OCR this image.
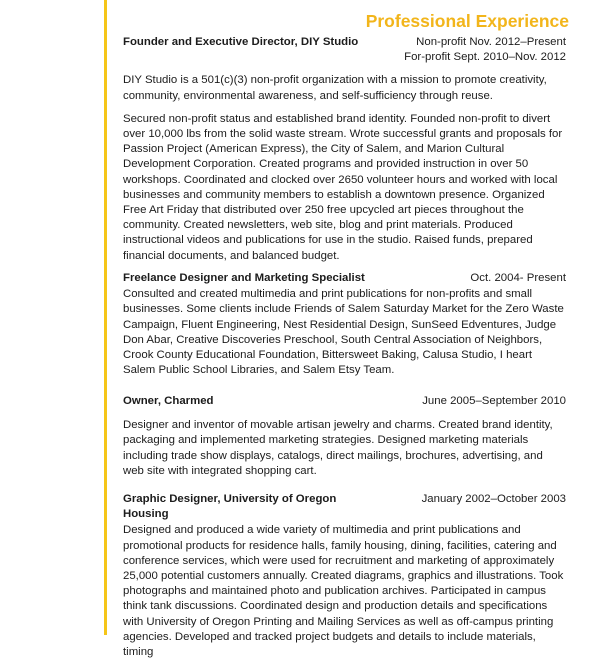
Professional Experience
Founder and Executive Director, DIY Studio	Non-profit Nov. 2012–Present
For-profit Sept. 2010–Nov. 2012

DIY Studio is a 501(c)(3) non-profit organization with a mission to promote creativity, community, environmental awareness, and self-sufficiency through reuse.

Secured non-profit status and established brand identity. Founded non-profit to divert over 10,000 lbs from the solid waste stream. Wrote successful grants and proposals for Passion Project (American Express), the City of Salem, and Marion Cultural Development Corporation. Created programs and provided instruction in over 50 workshops. Coordinated and clocked over 2650 volunteer hours and worked with local businesses and community members to establish a downtown presence. Organized Free Art Friday that distributed over 250 free upcycled art pieces throughout the community. Created newsletters, web site, blog and print materials. Produced instructional videos and publications for use in the studio. Raised funds, prepared financial documents, and balanced budget.

Freelance Designer and Marketing Specialist	Oct. 2004- Present

Consulted and created multimedia and print publications for non-profits and small businesses. Some clients include Friends of Salem Saturday Market for the Zero Waste Campaign, Fluent Engineering, Nest Residential Design, SunSeed Edventures, Judge Don Abar, Creative Discoveries Preschool, South Central Association of Neighbors, Crook County Educational Foundation, Bittersweet Baking, Calusa Studio, I heart Salem Public School Libraries, and Salem Etsy Team.

Owner, Charmed	June 2005–September 2010

Designer and inventor of movable artisan jewelry and charms. Created brand identity, packaging and implemented marketing strategies. Designed marketing materials including trade show displays, catalogs, direct mailings, brochures, advertising, and web site with integrated shopping cart.

Graphic Designer, University of Oregon Housing
January 2002–October 2003

Designed and produced a wide variety of multimedia and print publications and promotional products for residence halls, family housing, dining, facilities, catering and conference services, which were used for recruitment and marketing of approximately 25,000 potential customers annually. Created diagrams, graphics and illustrations. Took photographs and maintained photo and publication archives. Participated in campus think tank discussions. Coordinated design and production details and specifications with University of Oregon Printing and Mailing Services as well as off-campus printing agencies. Developed and tracked project budgets and details to include materials, timing
